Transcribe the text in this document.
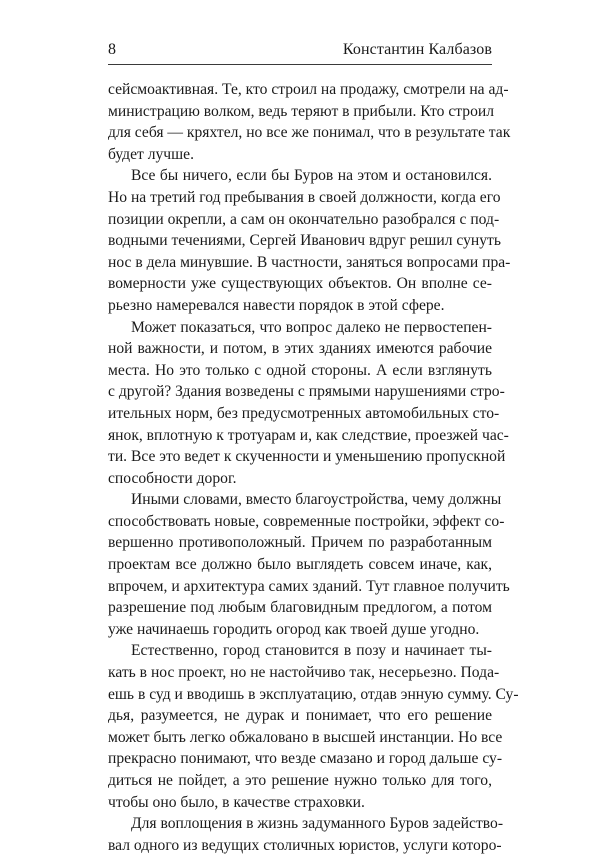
8	Константин Калбазов
сейсмоактивная. Те, кто строил на продажу, смотрели на ад-
министрацию волком, ведь теряют в прибыли. Кто строил
для себя — кряхтел, но все же понимал, что в результате так
будет лучше.
Все бы ничего, если бы Буров на этом и остановился.
Но на третий год пребывания в своей должности, когда его
позиции окрепли, а сам он окончательно разобрался с под-
водными течениями, Сергей Иванович вдруг решил сунуть
нос в дела минувшие. В частности, заняться вопросами пра-
вомерности уже существующих объектов. Он вполне се-
рьезно намеревался навести порядок в этой сфере.
Может показаться, что вопрос далеко не первостепен-
ной важности, и потом, в этих зданиях имеются рабочие
места. Но это только с одной стороны. А если взглянуть
с другой? Здания возведены с прямыми нарушениями стро-
ительных норм, без предусмотренных автомобильных сто-
янок, вплотную к тротуарам и, как следствие, проезжей час-
ти. Все это ведет к скученности и уменьшению пропускной
способности дорог.
Иными словами, вместо благоустройства, чему должны
способствовать новые, современные постройки, эффект со-
вершенно противоположный. Причем по разработанным
проектам все должно было выглядеть совсем иначе, как,
впрочем, и архитектура самих зданий. Тут главное получить
разрешение под любым благовидным предлогом, а потом
уже начинаешь городить огород как твоей душе угодно.
Естественно, город становится в позу и начинает ты-
кать в нос проект, но не настойчиво так, несерьезно. Пода-
ешь в суд и вводишь в эксплуатацию, отдав энную сумму. Су-
дья, разумеется, не дурак и понимает, что его решение
может быть легко обжаловано в высшей инстанции. Но все
прекрасно понимают, что везде смазано и город дальше су-
диться не пойдет, а это решение нужно только для того,
чтобы оно было, в качестве страховки.
Для воплощения в жизнь задуманного Буров задейство-
вал одного из ведущих столичных юристов, услуги которо-
